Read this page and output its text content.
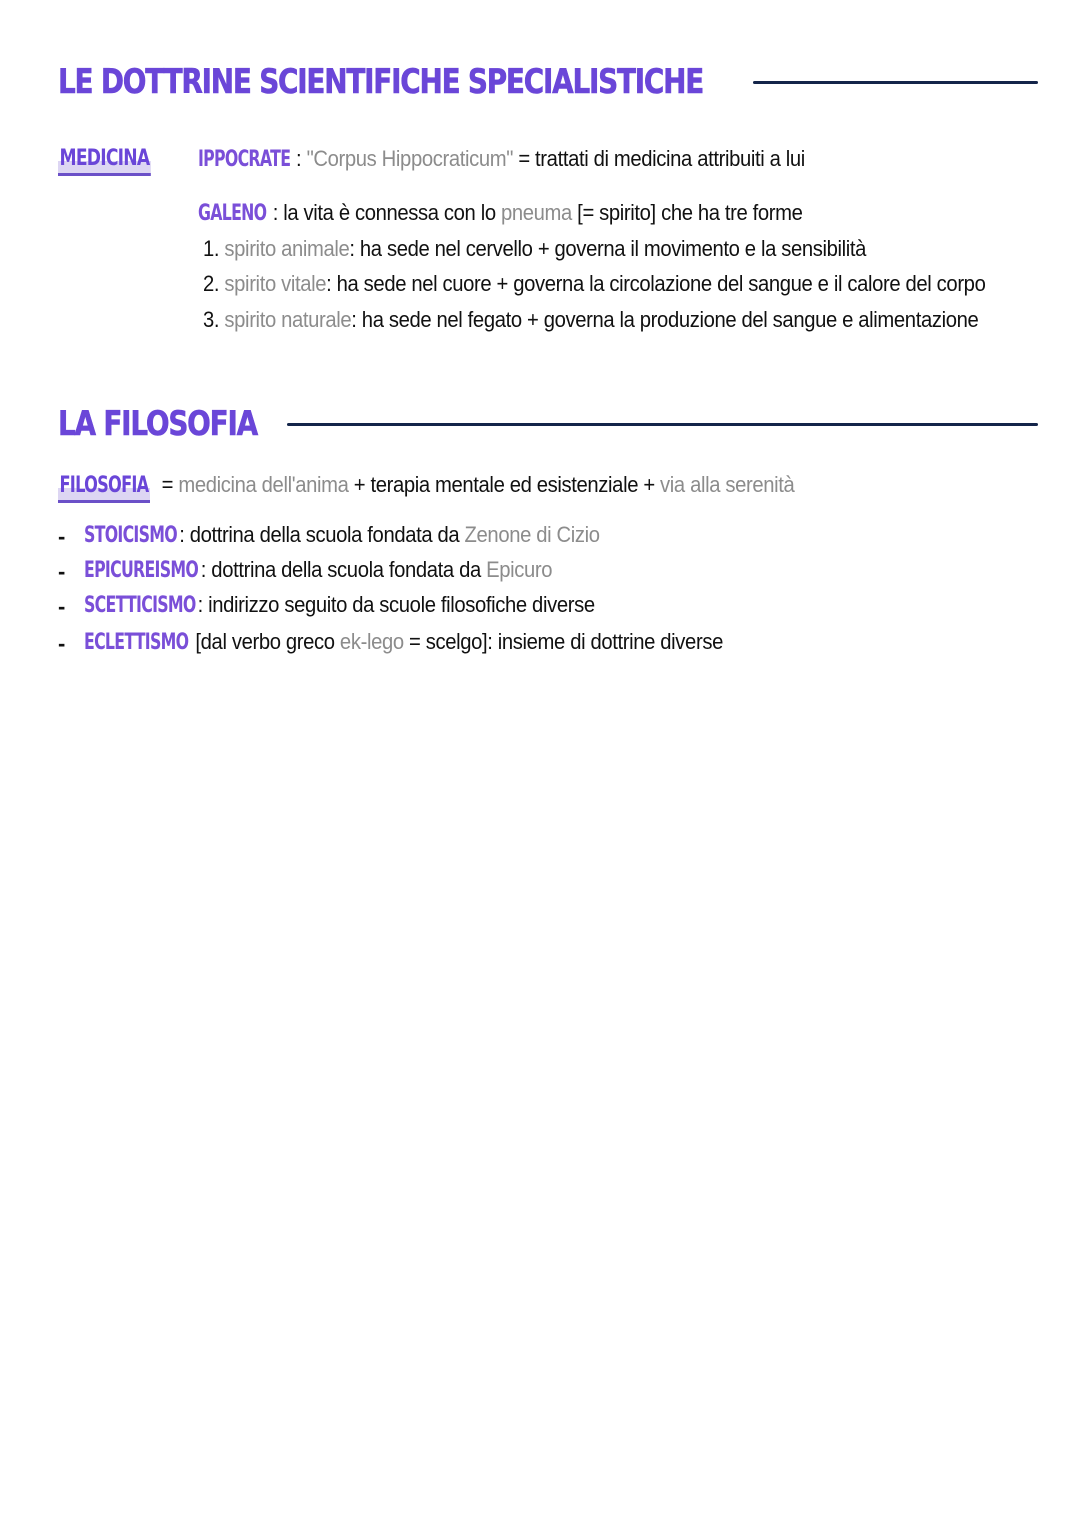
LE DOTTRINE SCIENTIFICHE SPECIALISTICHE
MEDICINA IPPOCRATE : "Corpus Hippocraticum" = trattati di medicina attribuiti a lui
GALENO : la vita è connessa con lo pneuma [= spirito] che ha tre forme
1. spirito animale: ha sede nel cervello + governa il movimento e la sensibilità
2. spirito vitale: ha sede nel cuore + governa la circolazione del sangue e il calore del corpo
3. spirito naturale: ha sede nel fegato + governa la produzione del sangue e alimentazione
LA FILOSOFIA
FILOSOFIA = medicina dell'anima + terapia mentale ed esistenziale + via alla serenità
- STOICISMO : dottrina della scuola fondata da Zenone di Cizio
- EPICUREISMO : dottrina della scuola fondata da Epicuro
- SCETTICISMO: indirizzo seguito da scuole filosofiche diverse
- ECLETTISMO [dal verbo greco ek-lego = scelgo]: insieme di dottrine diverse
